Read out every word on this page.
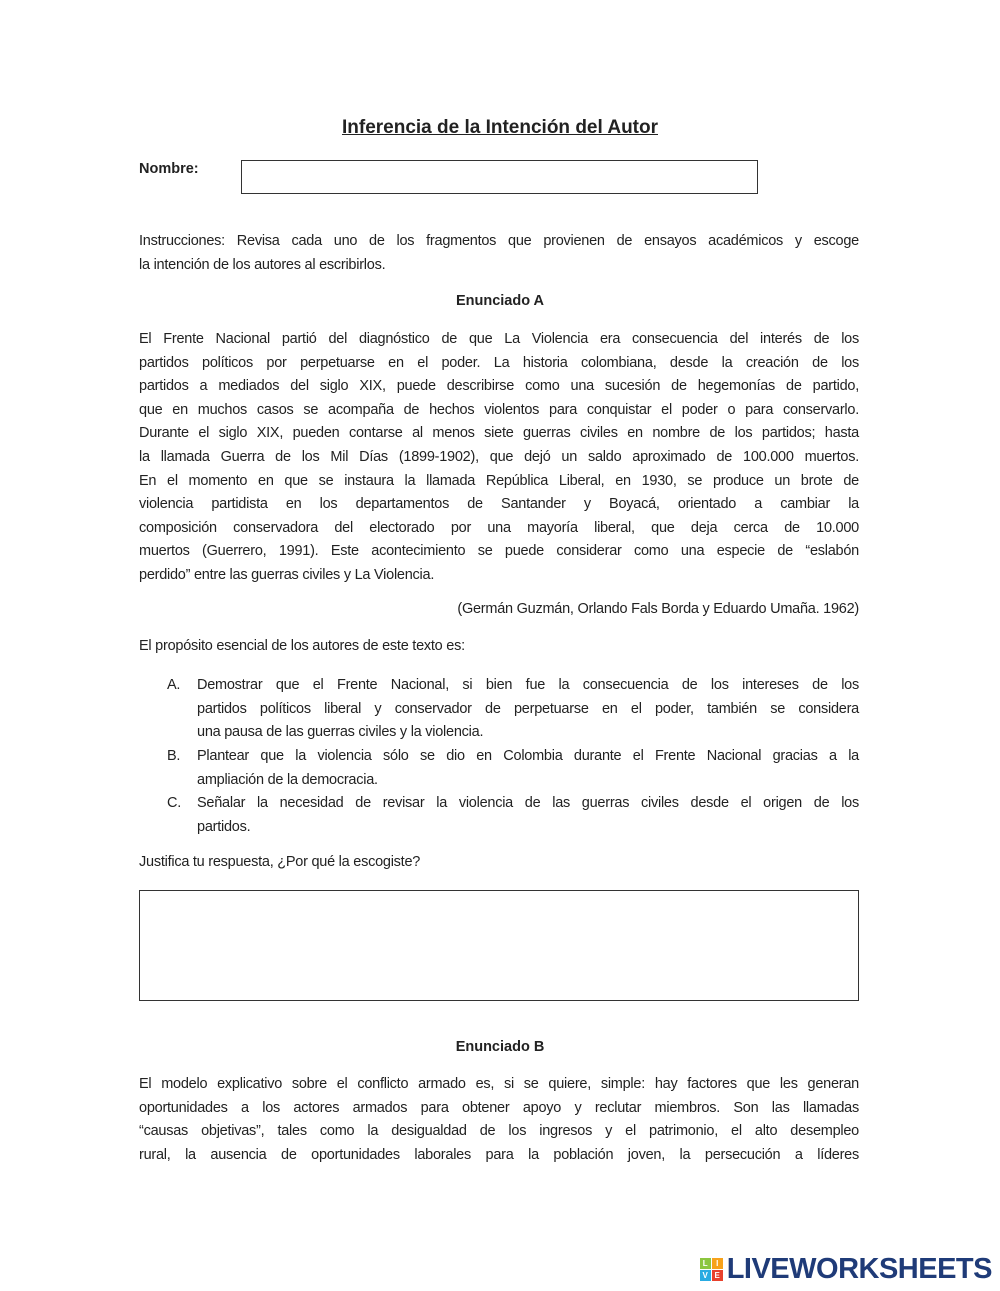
Inferencia de la Intención del Autor
Nombre:
Instrucciones: Revisa cada uno de los fragmentos que provienen de ensayos académicos y escoge
la intención de los autores al escribirlos.
Enunciado A
El Frente Nacional partió del diagnóstico de que La Violencia era consecuencia del interés de los
partidos políticos por perpetuarse en el poder. La historia colombiana, desde la creación de los
partidos a mediados del siglo XIX, puede describirse como una sucesión de hegemonías de partido,
que en muchos casos se acompaña de hechos violentos para conquistar el poder o para conservarlo.
Durante el siglo XIX, pueden contarse al menos siete guerras civiles en nombre de los partidos; hasta
la llamada Guerra de los Mil Días (1899-1902), que dejó un saldo aproximado de 100.000 muertos.
En el momento en que se instaura la llamada República Liberal, en 1930, se produce un brote de
violencia partidista en los departamentos de Santander y Boyacá, orientado a cambiar la
composición conservadora del electorado por una mayoría liberal, que deja cerca de 10.000
muertos (Guerrero, 1991). Este acontecimiento se puede considerar como una especie de “eslabón
perdido” entre las guerras civiles y La Violencia.
(Germán Guzmán, Orlando Fals Borda y Eduardo Umaña. 1962)
El propósito esencial de los autores de este texto es:
A. Demostrar que el Frente Nacional, si bien fue la consecuencia de los intereses de los
partidos políticos liberal y conservador de perpetuarse en el poder, también se considera
una pausa de las guerras civiles y la violencia.
B. Plantear que la violencia sólo se dio en Colombia durante el Frente Nacional gracias a la
ampliación de la democracia.
C. Señalar la necesidad de revisar la violencia de las guerras civiles desde el origen de los
partidos.
Justifica tu respuesta, ¿Por qué la escogiste?
Enunciado B
El modelo explicativo sobre el conflicto armado es, si se quiere, simple: hay factores que les generan
oportunidades a los actores armados para obtener apoyo y reclutar miembros. Son las llamadas
“causas objetivas”, tales como la desigualdad de los ingresos y el patrimonio, el alto desempleo
rural, la ausencia de oportunidades laborales para la población joven, la persecución a líderes
L	I
V E LIVEWORKSHEETS
